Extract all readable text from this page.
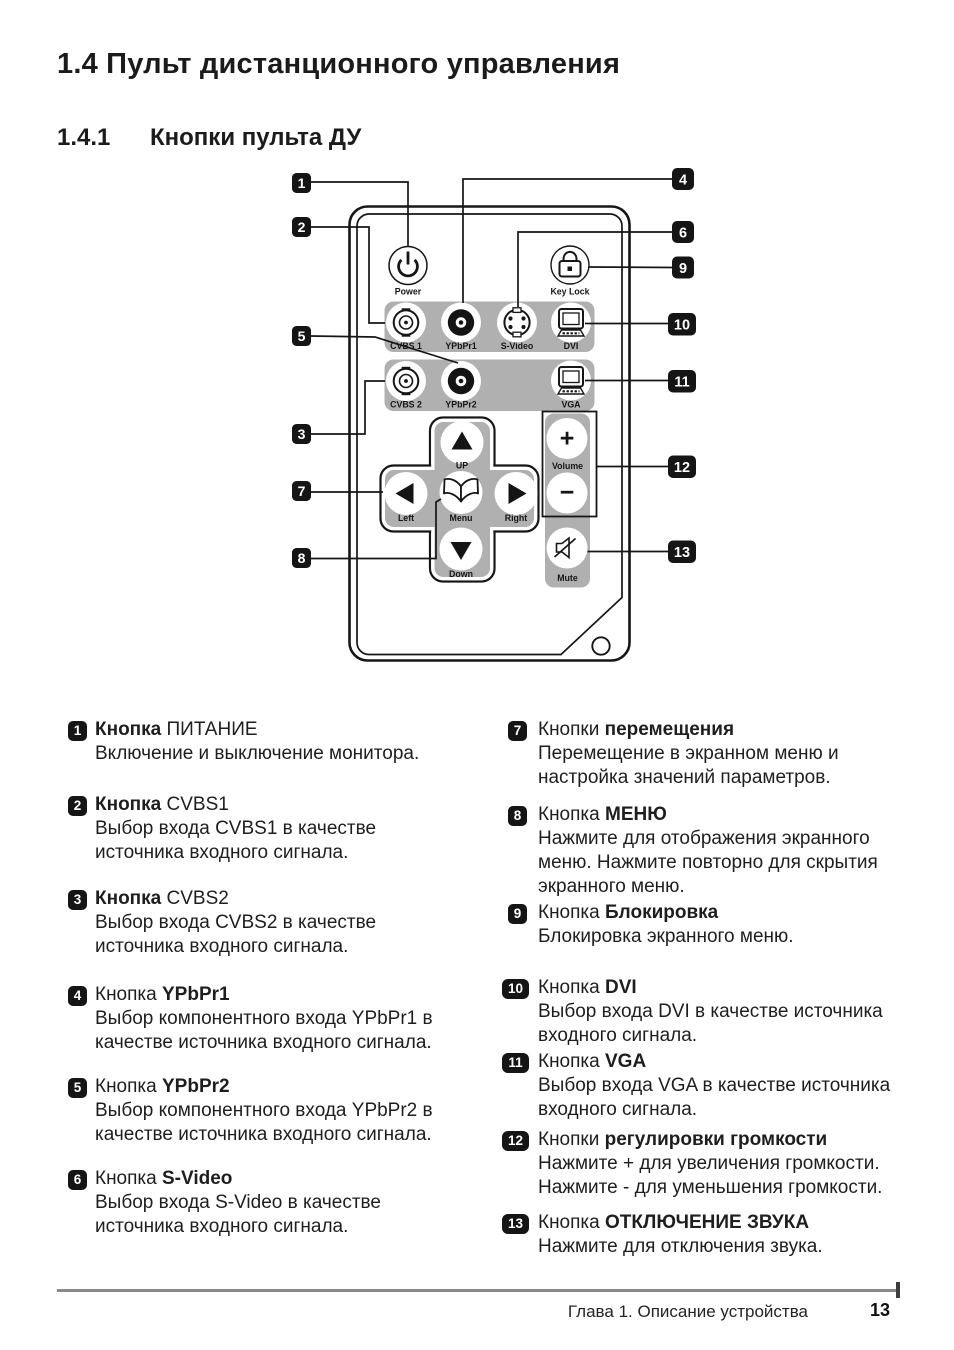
1.4 Пульт дистанционного управления
1.4.1 Кнопки пульта ДУ
Power	Key Lock
CVBS 1	YPbPr1	S-Video	DVI
CVBS 2	YPbPr2	VGA
UP
Left	Menu	Right
Down
+
Volume
−
Mute
1
2
5
3
7
8
4
6
9
10
11
12
13
1 Кнопка ПИТАНИЕ
Включение и выключение монитора.
2 Кнопка CVBS1
Выбор входа CVBS1 в качестве
источника входного сигнала.
3 Кнопка CVBS2
Выбор входа CVBS2 в качестве
источника входного сигнала.
4 Кнопка YPbPr1
Выбор компонентного входа YPbPr1 в
качестве источника входного сигнала.
5 Кнопка YPbPr2
Выбор компонентного входа YPbPr2 в
качестве источника входного сигнала.
6 Кнопка S-Video
Выбор входа S-Video в качестве
источника входного сигнала.
7 Кнопки перемещения
Перемещение в экранном меню и
настройка значений параметров.
8 Кнопка МЕНЮ
Нажмите для отображения экранного
меню. Нажмите повторно для скрытия
экранного меню.
9 Кнопка Блокировка
Блокировка экранного меню.
10 Кнопка DVI
Выбор входа DVI в качестве источника
входного сигнала.
11 Кнопка VGA
Выбор входа VGA в качестве источника
входного сигнала.
12 Кнопки регулировки громкости
Нажмите + для увеличения громкости.
Нажмите - для уменьшения громкости.
13 Кнопка ОТКЛЮЧЕНИЕ ЗВУКА
Нажмите для отключения звука.
Глава 1. Описание устройства	13
